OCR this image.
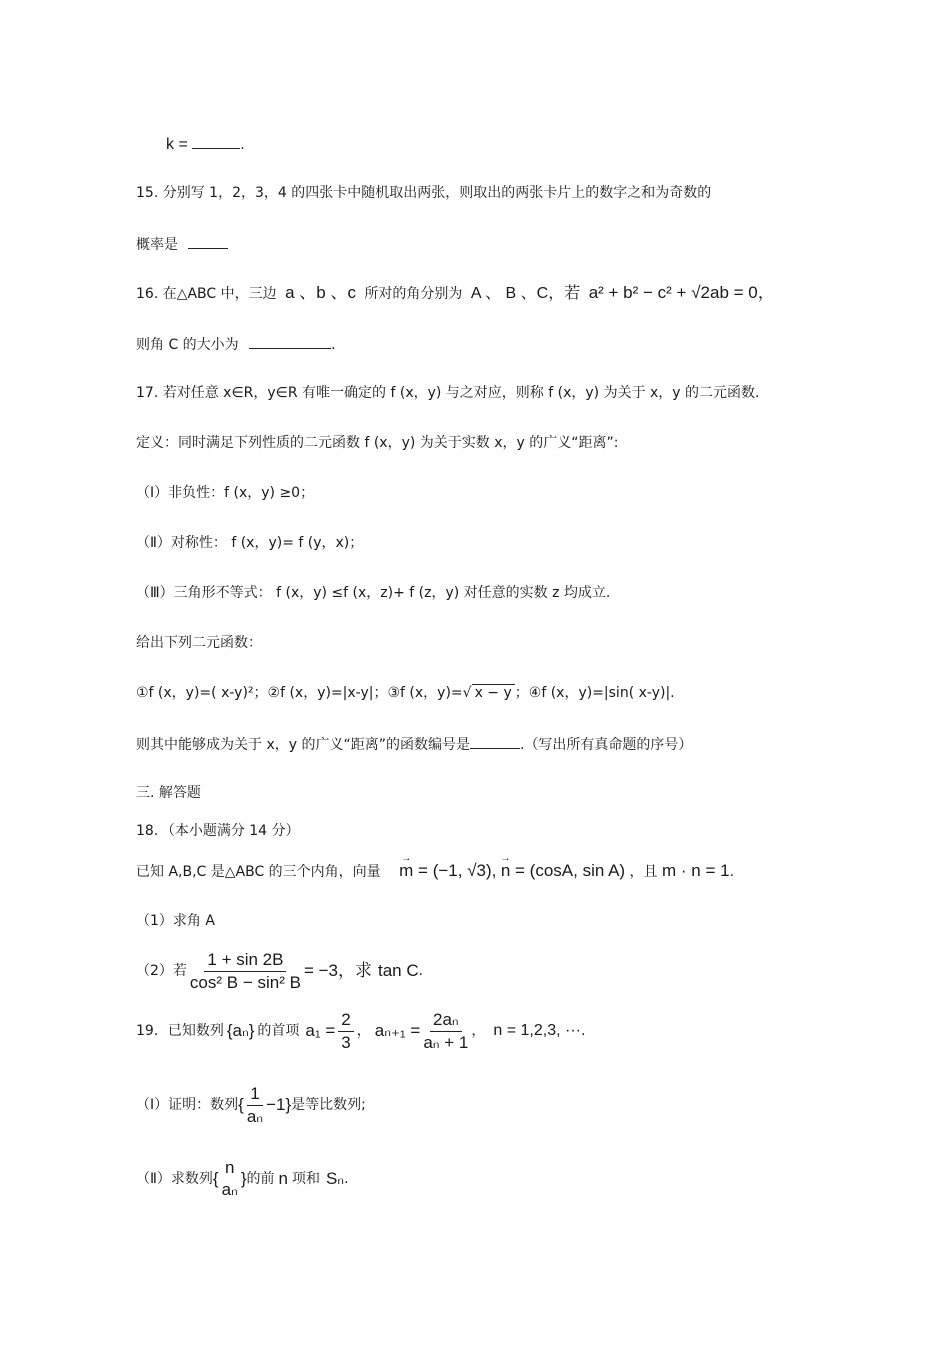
k =	.
15. 分别写 1，2，3，4 的四张卡中随机取出两张，则取出的两张卡片上的数字之和为奇数的
概率是
16. 在△ABC 中，三边 a 、b 、c 所对的角分别为 A 、 B 、C，若 a² + b² − c² + √2ab = 0，
则角 C 的大小为	.
17. 若对任意 x∈R，y∈R 有唯一确定的 f (x，y) 与之对应，则称 f (x，y) 为关于 x，y 的二元函数.
定义：同时满足下列性质的二元函数 f (x，y) 为关于实数 x，y 的广义“距离”:
（Ⅰ）非负性：f (x，y) ≥0；
（Ⅱ）对称性： f (x，y)= f (y，x)；
（Ⅲ）三角形不等式： f (x，y) ≤f (x，z)+ f (z，y) 对任意的实数 z 均成立.
给出下列二元函数：
①f (x，y)=( x-y)²；②f (x，y)=|x-y|；③f (x，y)=√ x − y ；④f (x，y)=|sin( x-y)|.
则其中能够成为关于 x，y 的广义“距离”的函数编号是	.（写出所有真命题的序号）
三. 解答题
18．（本小题满分 14 分）
已知 A,B,C 是△ABC 的三个内角，向量 → m = (−1, √3), → n = (cosA, sin A) ，且 m · n = 1.
（1）求角 A
（2）若 $\frac{1 + \sin 2B}{\text{cos² B − sin² B}} = -3$，求 tan C .
19．已知数列 {aₙ} 的首项 $a_1 = \frac{2}{3}$ ， $a_{n+1} = \frac{\text{2aₙ}}{\text{aₙ + 1}}$ ， n = 1,2,3, ···.
（Ⅰ）证明：数列 { $\frac{1}{\text{aₙ}} -1$} 是等比数列;
（Ⅱ）求数列 {
n
aₙ
} 的前 n 项和 Sₙ .
